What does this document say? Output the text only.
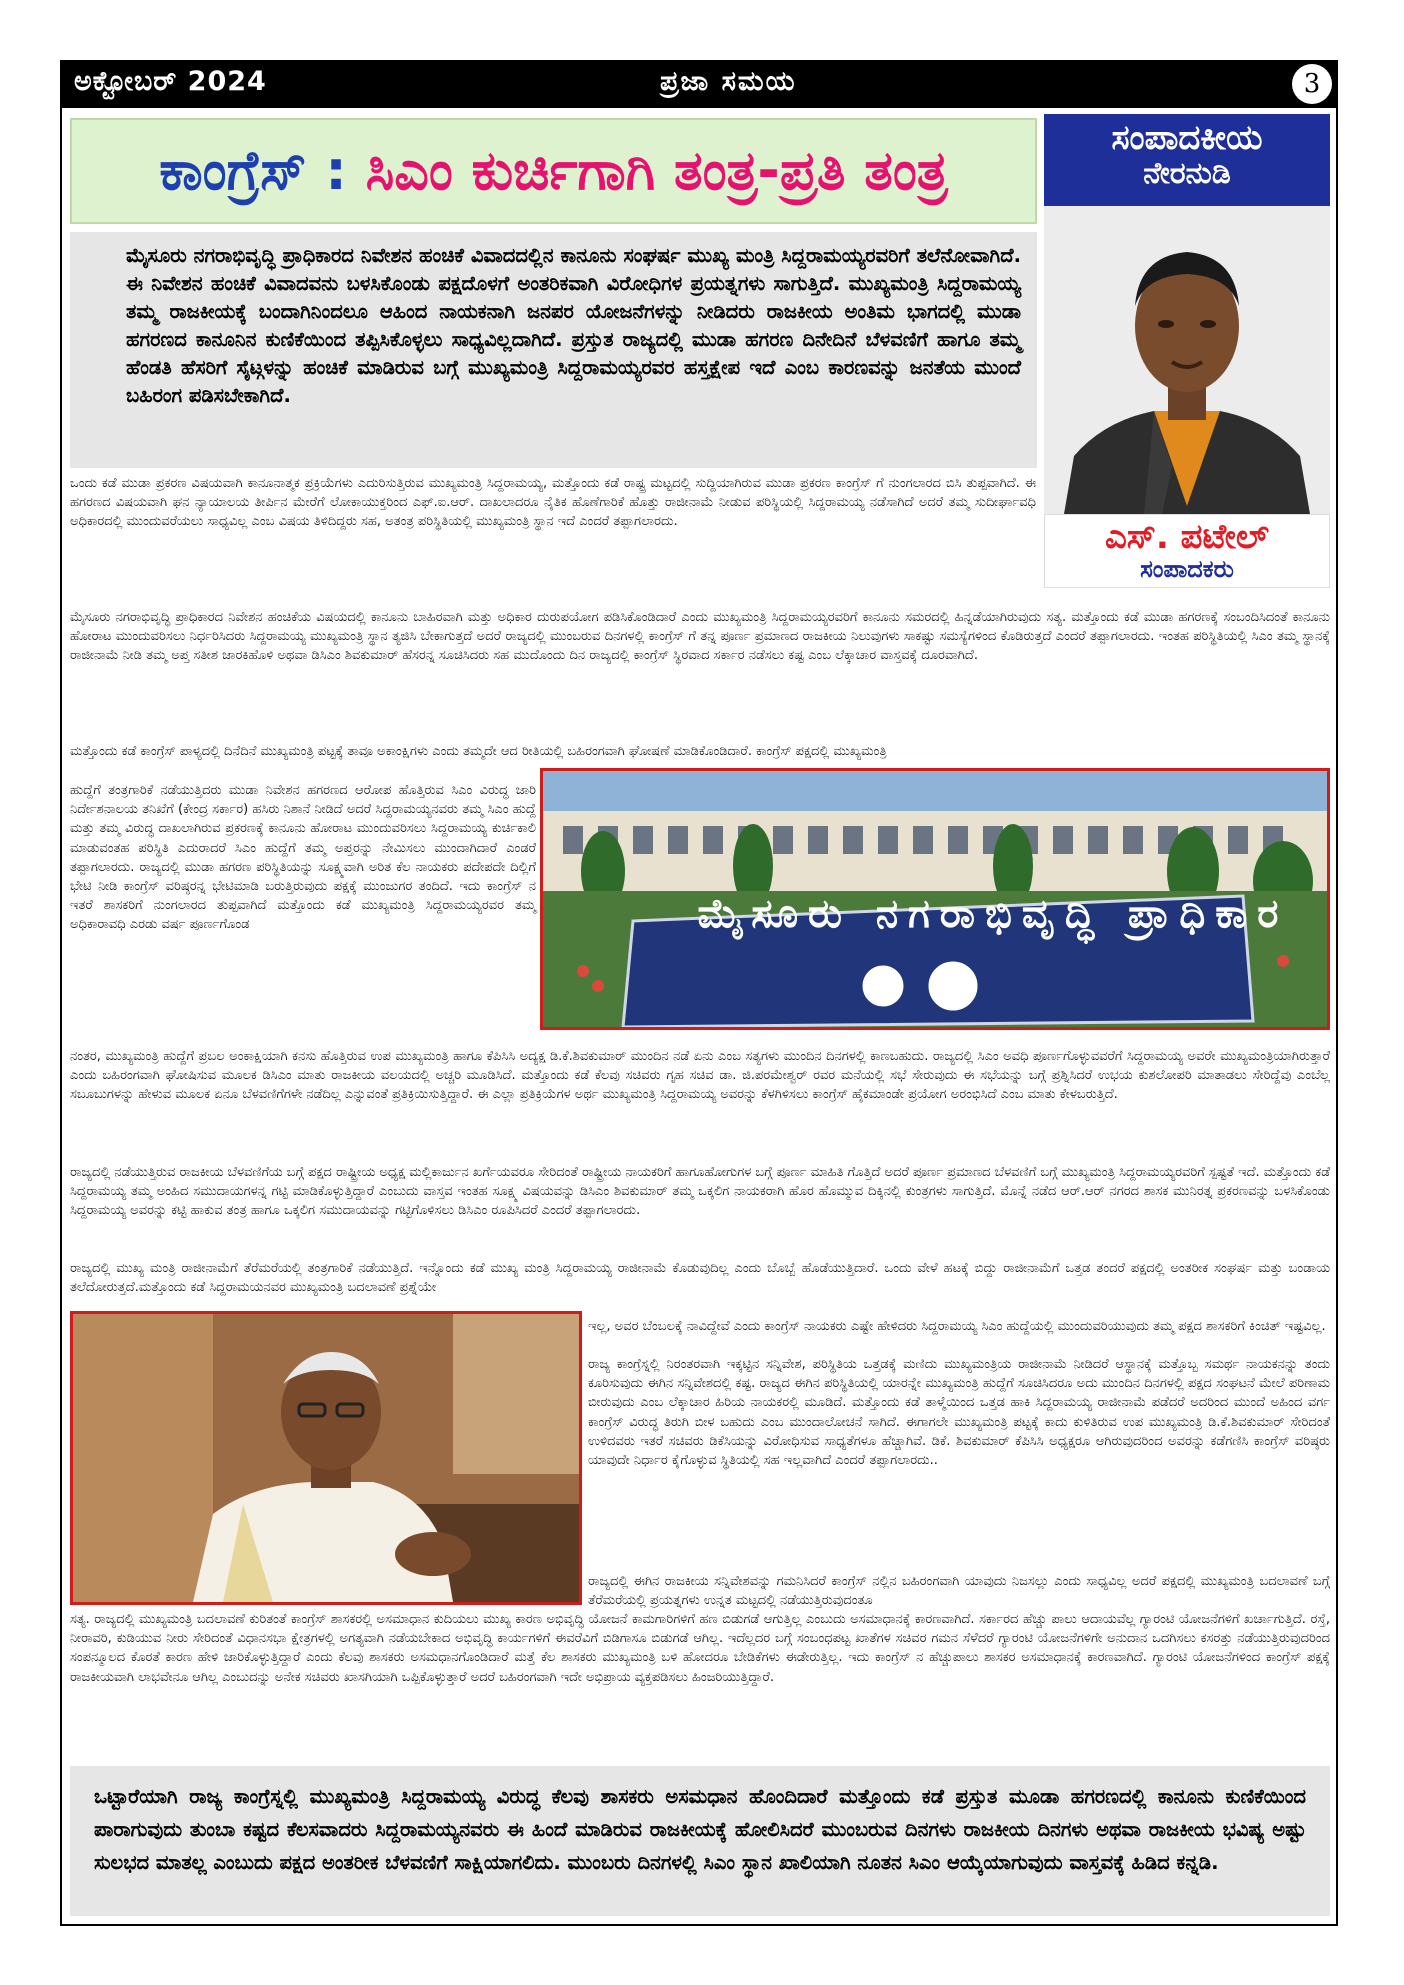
ಅಕ್ಟೋಬರ್ 2024	ಪ್ರಜಾ ಸಮಯ	3
ಕಾಂಗ್ರೆಸ್ : ಸಿಎಂ ಕುರ್ಚಿಗಾಗಿ ತಂತ್ರ-ಪ್ರತಿ ತಂತ್ರ
ಸಂಪಾದಕೀಯ
ನೇರನುಡಿ
ಎಸ್. ಪಟೇಲ್
ಸಂಪಾದಕರು

ಮೈಸೂರು ನಗರಾಭಿವೃದ್ಧಿ ಪ್ರಾಧಿಕಾರದ ನಿವೇಶನ ಹಂಚಿಕೆ ವಿವಾದದಲ್ಲಿನ ಕಾನೂನು ಸಂಘರ್ಷ ಮುಖ್ಯ ಮಂತ್ರಿ ಸಿದ್ದರಾಮಯ್ಯರವರಿಗೆ ತಲೆನೋವಾಗಿದೆ. ಈ ನಿವೇಶನ ಹಂಚಿಕೆ ವಿವಾದವನು ಬಳಸಿಕೊಂಡು ಪಕ್ಷದೊಳಗೆ ಅಂತರಿಕವಾಗಿ ವಿರೋಧಿಗಳ ಪ್ರಯತ್ನಗಳು ಸಾಗುತ್ತಿದೆ. ಮುಖ್ಯಮಂತ್ರಿ ಸಿದ್ದರಾಮಯ್ಯ ತಮ್ಮ ರಾಜಕೀಯಕ್ಕೆ ಬಂದಾಗಿನಿಂದಲೂ ಆಹಿಂದ ನಾಯಕನಾಗಿ ಜನಪರ ಯೋಜನೆಗಳನ್ನು ನೀಡಿದರು ರಾಜಕೀಯ ಅಂತಿಮ ಭಾಗದಲ್ಲಿ ಮುಡಾ ಹಗರಣದ ಕಾನೂನಿನ ಕುಣಿಕೆಯಿಂದ ತಪ್ಪಿಸಿಕೊಳ್ಳಲು ಸಾಧ್ಯವಿಲ್ಲದಾಗಿದೆ. ಪ್ರಸ್ತುತ ರಾಜ್ಯದಲ್ಲಿ ಮುಡಾ ಹಗರಣ ದಿನೇದಿನೆ ಬೆಳವಣಿಗೆ ಹಾಗೂ ತಮ್ಮ ಹೆಂಡತಿ ಹೆಸರಿಗೆ ಸೈಟ್ಗಳನ್ನು ಹಂಚಿಕೆ ಮಾಡಿರುವ ಬಗ್ಗೆ ಮುಖ್ಯಮಂತ್ರಿ ಸಿದ್ದರಾಮಯ್ಯರವರ ಹಸ್ತಕ್ಷೇಪ ಇದೆ ಎಂಬ ಕಾರಣವನ್ನು ಜನತೆಯ ಮುಂದೆ ಬಹಿರಂಗ ಪಡಿಸಬೇಕಾಗಿದೆ.

ಒಂದು ಕಡೆ ಮುಡಾ ಪ್ರಕರಣ ವಿಷಯವಾಗಿ ಕಾನೂನಾತ್ಮಕ ಪ್ರಕ್ರಿಯೆಗಳು ಎದುರಿಸುತ್ತಿರುವ ಮುಖ್ಯಮಂತ್ರಿ ಸಿದ್ದರಾಮಯ್ಯ, ಮತ್ತೊಂದು ಕಡೆ ರಾಷ್ಟ್ರ ಮಟ್ಟದಲ್ಲಿ ಸುದ್ದಿಯಾಗಿರುವ ಮುಡಾ ಪ್ರಕರಣ ಕಾಂಗ್ರೆಸ್ ಗೆ ನುಂಗಲಾರದ ಬಿಸಿ ತುಪ್ಪವಾಗಿದೆ. ಈ ಹಗರಣದ ವಿಷಯವಾಗಿ ಘನ ನ್ಯಾಯಾಲಯ ತೀರ್ಪಿನ ಮೇರೆಗೆ ಲೋಕಾಯುಕ್ತರಿಂದ ಎಫ್.ಐ.ಆರ್. ದಾಖಲಾದರೂ ನೈತಿಕ ಹೊಣೆಗಾರಿಕೆ ಹೊತ್ತು ರಾಜೀನಾಮೆ ನೀಡುವ ಪರಿಸ್ಥಿಯಲ್ಲಿ ಸಿದ್ದರಾಮಯ್ಯ ನಡೆಸಾಗಿದೆ ಅದರೆ ತಮ್ಮ ಸುದೀರ್ಘಾವಧಿ ಅಧಿಕಾರದಲ್ಲಿ ಮುಂದುವರೆಯಲು ಸಾಧ್ಯವಿಲ್ಲ ಎಂಬ ವಿಷಯ ತಿಳಿದಿದ್ದರು ಸಹ, ಅತಂತ್ರ ಪರಿಸ್ಥಿತಿಯಲ್ಲಿ ಮುಖ್ಯಮಂತ್ರಿ ಸ್ಥಾನ ಇದೆ ಎಂದರೆ ತಪ್ಪಾಗಲಾರದು.

ಮೈಸೂರು ನಗರಾಭಿವೃದ್ಧಿ ಪ್ರಾಧಿಕಾರದ ನಿವೇಶನ ಹಂಚಿಕೆಯ ವಿಷಯದಲ್ಲಿ ಕಾನೂನು ಬಾಹಿರವಾಗಿ ಮತ್ತು ಅಧಿಕಾರ ದುರುಪಯೋಗ ಪಡಿಸಿಕೊಂಡಿದಾರೆ ಎಂದು ಮುಖ್ಯಮಂತ್ರಿ ಸಿದ್ದರಾಮಯ್ಯರವರಿಗೆ ಕಾನೂನು ಸಮರದಲ್ಲಿ ಹಿನ್ನಡೆಯಾಗಿರುವುದು ಸತ್ಯ. ಮತ್ತೊಂದು ಕಡೆ ಮುಡಾ ಹಗರಣಕ್ಕೆ ಸಂಬಂದಿಸಿದಂತೆ ಕಾನೂನು ಹೋರಾಟ ಮುಂದುವರಿಸಲು ನಿರ್ಧರಿಸಿದರು ಸಿದ್ದರಾಮಯ್ಯ ಮುಖ್ಯಮಂತ್ರಿ ಸ್ಥಾನ ತ್ಯಜಿಸಿ ಬೇಕಾಗುತ್ತದೆ ಅದರೆ ರಾಜ್ಯದಲ್ಲಿ ಮುಂಬರುವ ದಿನಗಳಲ್ಲಿ ಕಾಂಗ್ರೆಸ್ ಗೆ ತನ್ನ ಪೂರ್ಣ ಪ್ರಮಾಣದ ರಾಜಕೀಯ ನಿಲುವುಗಳು ಸಾಕಷ್ಟು ಸಮಸ್ಯೆಗಳಿಂದ ಕೊಡಿರುತ್ತದೆ ಎಂದರೆ ತಪ್ಪಾಗಲಾರದು. ಇಂತಹ ಪರಿಸ್ಥಿತಿಯಲ್ಲಿ ಸಿಎಂ ತಮ್ಮ ಸ್ಥಾನಕ್ಕೆ ರಾಜೀನಾಮೆ ನೀಡಿ ತಮ್ಮ ಅಪ್ತ ಸತೀಶ ಜಾರಕಿಹೊಳಿ ಅಥವಾ ಡಿಸಿಎಂ ಶಿವಕುಮಾರ್ ಹೆಸರನ್ನ ಸೂಚಿಸಿದರು ಸಹ ಮುದೊಂದು ದಿನ ರಾಜ್ಯದಲ್ಲಿ ಕಾಂಗ್ರೆಸ್ ಸ್ಥಿರವಾದ ಸರ್ಕಾರ ನಡೆಸಲು ಕಷ್ಟ ಎಂಬ ಲೆಕ್ಕಾಚಾರ ವಾಸ್ತವಕ್ಕೆ ದೂರವಾಗಿದೆ.

ಮತ್ತೊಂದು ಕಡೆ ಕಾಂಗ್ರೆಸ್ ಪಾಳ್ಯದಲ್ಲಿ ದಿನೆದಿನೆ ಮುಖ್ಯಮಂತ್ರಿ ಪಟ್ಟಕ್ಕೆ ತಾವೂ ಅಕಾಂಕ್ಷಿಗಳು ಎಂದು ತಮ್ಮದೇ ಆದ ರೀತಿಯಲ್ಲಿ ಬಹಿರಂಗವಾಗಿ ಘೋಷಣೆ ಮಾಡಿಕೊಂಡಿದಾರೆ. ಕಾಂಗ್ರೆಸ್ ಪಕ್ಷದಲ್ಲಿ ಮುಖ್ಯಮಂತ್ರಿ

ಹುದ್ದೆಗೆ ತಂತ್ರಗಾರಿಕೆ ನಡೆಯುತ್ತಿದರು ಮುಡಾ ನಿವೇಶನ ಹಗರಣದ ಆರೋಪ ಹೊತ್ತಿರುವ ಸಿಎಂ ವಿರುದ್ಧ ಜಾರಿ ನಿರ್ದೇಶನಾಲಯ ತನಿಖೆಗೆ (ಕೇಂದ್ರ ಸರ್ಕಾರ) ಹಸಿರು ನಿಶಾನೆ ನೀಡಿದೆ ಅದರೆ ಸಿದ್ದರಾಮಯ್ಯನವರು ತಮ್ಮ ಸಿಎಂ ಹುದ್ದೆ ಮತ್ತು ತಮ್ಮ ವಿರುದ್ಧ ದಾಖಲಾಗಿರುವ ಪ್ರಕರಣಕ್ಕೆ ಕಾನೂನು ಹೋರಾಟ ಮುಂದುವರಿಸಲು ಸಿದ್ದರಾಮಯ್ಯ ಕುರ್ಚಿಕಾಲಿ ಮಾಡುವಂತಹ ಪರಿಸ್ಥಿತಿ ಎದುರಾದರೆ ಸಿಎಂ ಹುದ್ದೆಗೆ ತಮ್ಮ ಅಪ್ತರನ್ನು ನೇಮಿಸಲು ಮುಂದಾಗಿದಾರೆ ಎಂಡರೆ ತಪ್ಪಾಗಲಾರದು. ರಾಜ್ಯದಲ್ಲಿ ಮುಡಾ ಹಗರಣ ಪರಿಸ್ಥಿತಿಯನ್ನು ಸೂಕ್ಷ್ಮವಾಗಿ ಅರಿತ ಕೆಲ ನಾಯಕರು ಪದೇಪದೇ ದಿಲ್ಲಿಗೆ ಭೇಟಿ ನೀಡಿ ಕಾಂಗ್ರೆಸ್ ವರಿಷ್ಠರನ್ನ ಭೇಟಿಮಾಡಿ ಬರುತ್ತಿರುವುದು ಪಕ್ಷಕ್ಕೆ ಮುಂಜುಗರ ತಂದಿದೆ. ಇದು ಕಾಂಗ್ರೆಸ್ ನ ಇತರೆ ಶಾಸಕರಿಗೆ ನುಂಗಲಾರದ ತುಪ್ಪವಾಗಿದೆ ಮತ್ತೊಂದು ಕಡೆ ಮುಖ್ಯಮಂತ್ರಿ ಸಿದ್ದರಾಮಯ್ಯರವರ ತಮ್ಮ ಅಧಿಕಾರಾವಧಿ ಎರಡು ವರ್ಷ ಪೂರ್ಣಗೊಂಡ	ಮೈಸೂರು ನಗರಾಭಿವೃದ್ಧಿ ಪ್ರಾಧಿಕಾರ

ನಂತರ, ಮುಖ್ಯಮಂತ್ರಿ ಹುದ್ದೆಗೆ ಪ್ರಬಲ ಅಂಕಾಕ್ಷಿಯಾಗಿ ಕನಸು ಹೊತ್ತಿರುವ ಉಪ ಮುಖ್ಯಮಂತ್ರಿ ಹಾಗೂ ಕೆಪಿಸಿಸಿ ಅದ್ಯಕ್ಷ ಡಿ.ಕೆ.ಶಿವಕುಮಾರ್ ಮುಂದಿನ ನಡೆ ಏನು ಎಂಬ ಸತ್ಯಗಳು ಮುಂದಿನ ದಿನಗಳಲ್ಲಿ ಕಾಣಬಹುದು. ರಾಜ್ಯದಲ್ಲಿ ಸಿಎಂ ಅವಧಿ ಪೂರ್ಣಗೊಳ್ಳುವವರೆಗೆ ಸಿದ್ದರಾಮಯ್ಯ ಅವರೇ ಮುಖ್ಯಮಂತ್ರಿಯಾಗಿರುತ್ತಾರೆ ಎಂದು ಬಹಿರಂಗವಾಗಿ ಘೋಷಿಸುವ ಮೂಲಕ ಡಿಸಿಎಂ ಮಾತು ರಾಜಕೀಯ ವಲಯದಲ್ಲಿ ಅಚ್ಚರಿ ಮೂಡಿಸಿದೆ. ಮತ್ತೊಂದು ಕಡೆ ಕೆಲವು ಸಚಿವರು ಗೃಹ ಸಚಿವ ಡಾ. ಜಿ.ಪರಮೇಶ್ವರ್ ರವರ ಮನೆಯಲ್ಲಿ ಸಭೆ ಸೇರುವುದು ಈ ಸಭೆಯನ್ನು ಬಗ್ಗೆ ಪ್ರಶ್ನಿಸಿದರೆ ಉಭಯ ಕುಶಲೋಪರಿ ಮಾತಾಡಲು ಸೇರಿದ್ದೆವು ಎಂಬೆಲ್ಲ ಸಬೂಬುಗಳನ್ನು ಹೇಳುವ ಮೂಲಕ ಏನೂ ಬೆಳವಣಿಗೆಗಳೇ ನಡೆದಿಲ್ಲ ಎನ್ನುವಂತೆ ಪ್ರತಿಕ್ರಿಯಿಸುತ್ತಿದ್ದಾರೆ. ಈ ಎಲ್ಲಾ ಪ್ರತಿಕ್ರಿಯೆಗಳ ಅರ್ಥ ಮುಖ್ಯಮಂತ್ರಿ ಸಿದ್ದರಾಮಯ್ಯ ಅವರನ್ನು ಕೆಳಗಿಳಿಸಲು ಕಾಂಗ್ರೆಸ್ ಹೈಕಮಾಂಡೇ ಪ್ರಯೋಗ ಅರಂಭಿಸಿದೆ ಎಂಬ ಮಾತು ಕೇಳಬರುತ್ತಿದೆ.

ರಾಜ್ಯದಲ್ಲಿ ನಡೆಯುತ್ತಿರುವ ರಾಜಕೀಯ ಬೆಳವಣಿಗೆಯ ಬಗ್ಗೆ ಪಕ್ಷದ ರಾಷ್ಟ್ರೀಯ ಅಧ್ಯಕ್ಷ ಮಲ್ಲಿಕಾರ್ಜುನ ಖರ್ಗೆಯವರೂ ಸೇರಿದಂತೆ ರಾಷ್ಟ್ರೀಯ ನಾಯಕರಿಗೆ ಹಾಗೂಹೋಗುಗಳ ಬಗ್ಗೆ ಪೂರ್ಣ ಮಾಹಿತಿ ಗೊತ್ತಿದೆ ಅದರೆ ಪೂರ್ಣ ಪ್ರಮಾಣದ ಬೆಳವಣಿಗೆ ಬಗ್ಗೆ ಮುಖ್ಯಮಂತ್ರಿ ಸಿದ್ದರಾಮಯ್ಯರವರಿಗೆ ಸ್ಪಷ್ಟತೆ ಇದೆ. ಮತ್ತೊಂದು ಕಡೆ ಸಿದ್ದರಾಮಯ್ಯ ತಮ್ಮ ಅಂಹಿದ ಸಮುದಾಯಗಳನ್ನ ಗಟ್ಟಿ ಮಾಡಿಕೊಳ್ಳುತ್ತಿದ್ದಾರೆ ಎಂಬುದು ವಾಸ್ತವ ಇಂತಹ ಸೂಕ್ಷ್ಮ ವಿಷಯವನ್ನು ಡಿಸಿಎಂ ಶಿವಕುಮಾರ್ ತಮ್ಮ ಒಕ್ಕಲಿಗ ನಾಯಕರಾಗಿ ಹೊರ ಹೊಮ್ಮುವ ದಿಕ್ಕಿನಲ್ಲಿ ಕುಂತ್ರಗಳು ಸಾಗುತ್ತಿದೆ. ಮೊನ್ನೆ ನಡೆದ ಆರ್.ಆರ್ ನಗರದ ಶಾಸಕ ಮುನಿರತ್ನ ಪ್ರಕರಣವನ್ನು ಬಳಸಿಕೊಂಡು ಸಿದ್ದರಾಮಯ್ಯ ಅವರನ್ನು ಕಟ್ಟಿ ಹಾಕುವ ತಂತ್ರ ಹಾಗೂ ಒಕ್ಕಲಿಗ ಸಮುದಾಯವನ್ನು ಗಟ್ಟಿಗೊಳಿಸಲು ಡಿಸಿಎಂ ರೂಪಿಸಿದರೆ ಎಂದರೆ ತಪ್ಪಾಗಲಾರದು.

ರಾಜ್ಯದಲ್ಲಿ ಮುಖ್ಯ ಮಂತ್ರಿ ರಾಜೀನಾಮೆಗೆ ತೆರೆಮರೆಯಲ್ಲಿ ತಂತ್ರಗಾರಿಕೆ ನಡೆಯುತ್ತಿದೆ. ಇನ್ನೊಂದು ಕಡೆ ಮುಖ್ಯ ಮಂತ್ರಿ ಸಿದ್ದರಾಮಯ್ಯ ರಾಜೀನಾಮೆ ಕೊಡುವುದಿಲ್ಲ ಎಂದು ಬೊಬ್ಬೆ ಹೊಡೆಯುತ್ತಿದಾರೆ. ಒಂದು ವೇಳೆ ಹಟಕ್ಕೆ ಬಿದ್ದು ರಾಜೀನಾಮೆಗೆ ಒತ್ತಡ ತಂದರೆ ಪಕ್ಷದಲ್ಲಿ ಅಂತರೀಕ ಸಂಘರ್ಷ ಮತ್ತು ಬಂಡಾಯ ತಲೆದೋರುತ್ತದೆ.ಮತ್ತೊಂದು ಕಡೆ ಸಿದ್ದರಾಮಯನವರ ಮುಖ್ಯಮಂತ್ರಿ ಬದಲಾವಣೆ ಪ್ರಶ್ನೆಯೇ

ಇಲ್ಲ, ಅವರ ಬೆಂಬಲಕ್ಕೆ ನಾವಿದ್ದೇವೆ ಎಂದು ಕಾಂಗ್ರೆಸ್ ನಾಯಕರು ಎಷ್ಟೇ ಹೇಳಿದರು ಸಿದ್ದರಾಮಯ್ಯ ಸಿಎಂ ಹುದ್ದೆಯಲ್ಲಿ ಮುಂದುವರಿಯುವುದು ತಮ್ಮ ಪಕ್ಷದ ಶಾಸಕರಿಗೆ ಕಿಂಚಿತ್ ಇಷ್ಟವಿಲ್ಲ.

ರಾಜ್ಯ ಕಾಂಗ್ರೆಸ್ನಲ್ಲಿ ನಿರಂತರವಾಗಿ ಇಕ್ಕಟ್ಟಿನ ಸನ್ನಿವೇಶ, ಪರಿಸ್ಥಿತಿಯ ಒತ್ತಡಕ್ಕೆ ಮಣಿದು ಮುಖ್ಯಮಂತ್ರಿಯ ರಾಜೀನಾಮೆ ನೀಡಿದರೆ ಆಸ್ಥಾನಕ್ಕೆ ಮತ್ತೊಬ್ಬ ಸಮರ್ಥ ನಾಯಕನನ್ನು ತಂದು ಕೂರಿಸುವುದು ಈಗಿನ ಸನ್ನಿವೇಶದಲ್ಲಿ ಕಷ್ಟ. ರಾಜ್ಯದ ಈಗಿನ ಪರಿಸ್ಥಿತಿಯಲ್ಲಿ ಯಾರನ್ನೇ ಮುಖ್ಯಮಂತ್ರಿ ಹುದ್ದೆಗೆ ಸೂಚಿಸಿದರೂ ಅದು ಮುಂದಿನ ದಿನಗಳಲ್ಲಿ ಪಕ್ಷದ ಸಂಘಟನೆ ಮೇಲೆ ಪರಿಣಾಮ ಬೀರುವುದು ಎಂಬ ಲೆಕ್ಕಾಚಾರ ಹಿರಿಯ ನಾಯಕರಲ್ಲಿ ಮೂಡಿದೆ. ಮತ್ತೊಂದು ಕಡೆ ತಾಳ್ಮೆಯಿಂದ ಒತ್ತಡ ಹಾಕಿ ಸಿದ್ದರಾಮಯ್ಯ ರಾಜೀನಾಮೆ ಪಡೆದರೆ ಅದರಿಂದ ಮುಂದೆ ಅಹಿಂದ ವರ್ಗ ಕಾಂಗ್ರೆಸ್ ವಿರುದ್ಧ ತಿರುಗಿ ಬೀಳ ಬಹುದು ಎಂಬ ಮುಂದಾಲೋಚನೆ ಸಾಗಿದೆ. ಈಗಾಗಲೇ ಮುಖ್ಯಮಂತ್ರಿ ಪಟ್ಟಕ್ಕೆ ಕಾದು ಕುಳಿತಿರುವ ಉಪ ಮುಖ್ಯಮಂತ್ರಿ ಡಿ.ಕೆ.ಶಿವಕುಮಾರ್ ಸೇರಿದಂತೆ ಉಳಿದವರು ಇತರೆ ಸಚಿವರು ಡಿಕೆಸಿಯನ್ನು ವಿರೋಧಿಸುವ ಸಾಧ್ಯತೆಗಳೂ ಹೆಚ್ಚಾಗಿವೆ. ಡಿಕೆ. ಶಿವಕುಮಾರ್ ಕೆಪಿಸಿಸಿ ಅಧ್ಯಕ್ಷರೂ ಆಗಿರುವುದರಿಂದ ಅವರನ್ನು ಕಡೆಗಣಿಸಿ ಕಾಂಗ್ರೆಸ್ ವರಿಷ್ಠರು ಯಾವುದೇ ನಿರ್ಧಾರ ಕೈಗೊಳ್ಳುವ ಸ್ಥಿತಿಯಲ್ಲಿ ಸಹ ಇಲ್ಲವಾಗಿದೆ ಎಂದರೆ ತಪ್ಪಾಗಲಾರದು..

ರಾಜ್ಯದಲ್ಲಿ ಈಗಿನ ರಾಜಕೀಯ ಸನ್ನಿವೇಶವನ್ನು ಗಮನಿಸಿದರೆ ಕಾಂಗ್ರೆಸ್ ನಲ್ಲಿನ ಬಹಿರಂಗವಾಗಿ ಯಾವುದು ನಿಜಸಲ್ಲು ಎಂದು ಸಾಧ್ಯವಿಲ್ಲ ಅದರೆ ಪಕ್ಷದಲ್ಲಿ ಮುಖ್ಯಮಂತ್ರಿ ಬದಲಾವಣೆ ಬಗ್ಗೆ ತೆರೆಮರೆಯಲ್ಲಿ ಪ್ರಯತ್ನಗಳು ಉನ್ನತ ಮಟ್ಟದಲ್ಲಿ ನಡೆಯುತ್ತಿರುವುದಂತೂ

ಸತ್ಯ. ರಾಜ್ಯದಲ್ಲಿ ಮುಖ್ಯಮಂತ್ರಿ ಬದಲಾವಣೆ ಕುರಿತಂತೆ ಕಾಂಗ್ರೆಸ್ ಶಾಸಕರಲ್ಲಿ ಅಸಮಾಧಾನ ಕುದಿಯಲು ಮುಖ್ಯ ಕಾರಣ ಅಭಿವೃದ್ಧಿ ಯೋಜನೆ ಕಾಮಗಾರಿಗಳಿಗೆ ಹಣ ಬಿಡುಗಡೆ ಆಗುತ್ತಿಲ್ಲ ಎಂಬುದು ಅಸಮಾಧಾನಕ್ಕೆ ಕಾರಣವಾಗಿದೆ. ಸರ್ಕಾರದ ಹೆಚ್ಚು ಪಾಲು ಆದಾಯವೆಲ್ಲ ಗ್ಯಾರಂಟಿ ಯೋಜನೆಗಳಿಗೆ ಖರ್ಚಾಗುತ್ತಿದೆ. ರಸ್ತೆ, ನೀರಾವರಿ, ಕುಡಿಯುವ ನೀರು ಸೇರಿದಂತೆ ವಿಧಾನಸಭಾ ಕ್ಷೇತ್ರಗಳಲ್ಲಿ ಅಗತ್ಯವಾಗಿ ನಡೆಯಬೇಕಾದ ಅಭಿವೃದ್ಧಿ ಕಾರ್ಯಗಳಿಗೆ ಈವರೆವಿಗೆ ಬಿಡಿಗಾಸೂ ಬಿಡುಗಡೆ ಆಗಿಲ್ಲ. ಇದೆಲ್ಲದರ ಬಗ್ಗೆ ಸಂಬಂಧಪಟ್ಟ ಖಾತೆಗಳ ಸಚಿವರ ಗಮನ ಸೆಳೆದರೆ ಗ್ಯಾರಂಟಿ ಯೋಜನೆಗಳಿಗೇ ಅನುದಾನ ಒದಗಿಸಲು ಕಸರತ್ತು ನಡೆಯುತ್ತಿರುವುದರಿಂದ ಸಂಪನ್ಮೂಲದ ಕೊರತೆ ಕಾರಣ ಹೇಳಿ ಜಾರಿಕೊಳ್ಳುತ್ತಿದ್ದಾರೆ ಎಂದು ಕೆಲವು ಶಾಸಕರು ಅಸಮಧಾನಗೊಂಡಿದಾರೆ ಮತ್ತೆ ಕೆಲ ಶಾಸಕರು ಮುಖ್ಯಮಂತ್ರಿ ಬಳಿ ಹೋದರೂ ಬೇಡಿಕೆಗಳು ಈಡೇರುತ್ತಿಲ್ಲ. ಇದು ಕಾಂಗ್ರೆಸ್ ನ ಹೆಚ್ಚುಪಾಲು ಶಾಸಕರ ಅಸಮಾಧಾನಕ್ಕೆ ಕಾರಣವಾಗಿದೆ. ಗ್ಯಾರಂಟಿ ಯೋಜನೆಗಳಿಂದ ಕಾಂಗ್ರೆಸ್ ಪಕ್ಷಕ್ಕೆ ರಾಜಕೀಯವಾಗಿ ಲಾಭವೇನೂ ಆಗಿಲ್ಲ ಎಂಬುದನ್ನು ಅನೇಕ ಸಚಿವರು ಖಾಸಗಿಯಾಗಿ ಒಪ್ಪಿಕೊಳ್ಳುತ್ತಾರೆ ಅದರೆ ಬಹಿರಂಗವಾಗಿ ಇದೇ ಅಭಿಪ್ರಾಯ ವ್ಯಕ್ತಪಡಿಸಲು ಹಿಂಜರಿಯುತ್ತಿದ್ದಾರೆ.

ಒಟ್ಟಾರೆಯಾಗಿ ರಾಜ್ಯ ಕಾಂಗ್ರೆಸ್ನಲ್ಲಿ ಮುಖ್ಯಮಂತ್ರಿ ಸಿದ್ದರಾಮಯ್ಯ ವಿರುದ್ಧ ಕೆಲವು ಶಾಸಕರು ಅಸಮಧಾನ ಹೊಂದಿದಾರೆ ಮತ್ತೊಂದು ಕಡೆ ಪ್ರಸ್ತುತ ಮೂಡಾ ಹಗರಣದಲ್ಲಿ ಕಾನೂನು ಕುಣಿಕೆಯಿಂದ ಪಾರಾಗುವುದು ತುಂಬಾ ಕಷ್ಟದ ಕೆಲಸವಾದರು ಸಿದ್ದರಾಮಯ್ಯನವರು ಈ ಹಿಂದೆ ಮಾಡಿರುವ ರಾಜಕೀಯಕ್ಕೆ ಹೋಲಿಸಿದರೆ ಮುಂಬರುವ ದಿನಗಳು ರಾಜಕೀಯ ದಿನಗಳು ಅಥವಾ ರಾಜಕೀಯ ಭವಿಷ್ಯ ಅಷ್ಟು ಸುಲಭದ ಮಾತಲ್ಲ ಎಂಬುದು ಪಕ್ಷದ ಅಂತರೀಕ ಬೆಳವಣಿಗೆ ಸಾಕ್ಷಿಯಾಗಲಿದು. ಮುಂಬರು ದಿನಗಳಲ್ಲಿ ಸಿಎಂ ಸ್ಥಾನ ಖಾಲಿಯಾಗಿ ನೂತನ ಸಿಎಂ ಆಯ್ಕೆಯಾಗುವುದು ವಾಸ್ತವಕ್ಕೆ ಹಿಡಿದ ಕನ್ನಡಿ.
